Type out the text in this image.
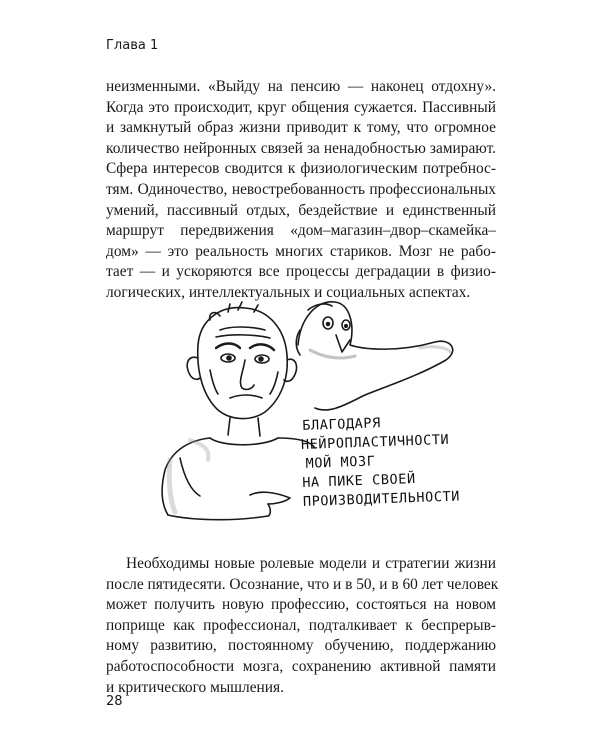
Глава 1
неизменными. «Выйду на пенсию — наконец отдохну».
Когда это происходит, круг общения сужается. Пассивный
и замкнутый образ жизни приводит к тому, что огромное
количество нейронных связей за ненадобностью замирают.
Сфера интересов сводится к физиологическим потребнос-
тям. Одиночество, невостребованность профессиональных
умений, пассивный отдых, бездействие и единственный
маршрут передвижения «дом–магазин–двор–скамейка–
дом» — это реальность многих стариков. Мозг не рабо-
тает — и ускоряются все процессы деградации в физио-
логических, интеллектуальных и социальных аспектах.
БЛАГОДАРЯ
НЕЙРОПЛАСТИЧНОСТИ
МОЙ МОЗГ
НА ПИКЕ СВОЕЙ
ПРОИЗВОДИТЕЛЬНОСТИ
Необходимы новые ролевые модели и стратегии жизни
после пятидесяти. Осознание, что и в 50, и в 60 лет человек
может получить новую профессию, состояться на новом
поприще как профессионал, подталкивает к беспрерыв-
ному развитию, постоянному обучению, поддержанию
работоспособности мозга, сохранению активной памяти
и критического мышления.
28
